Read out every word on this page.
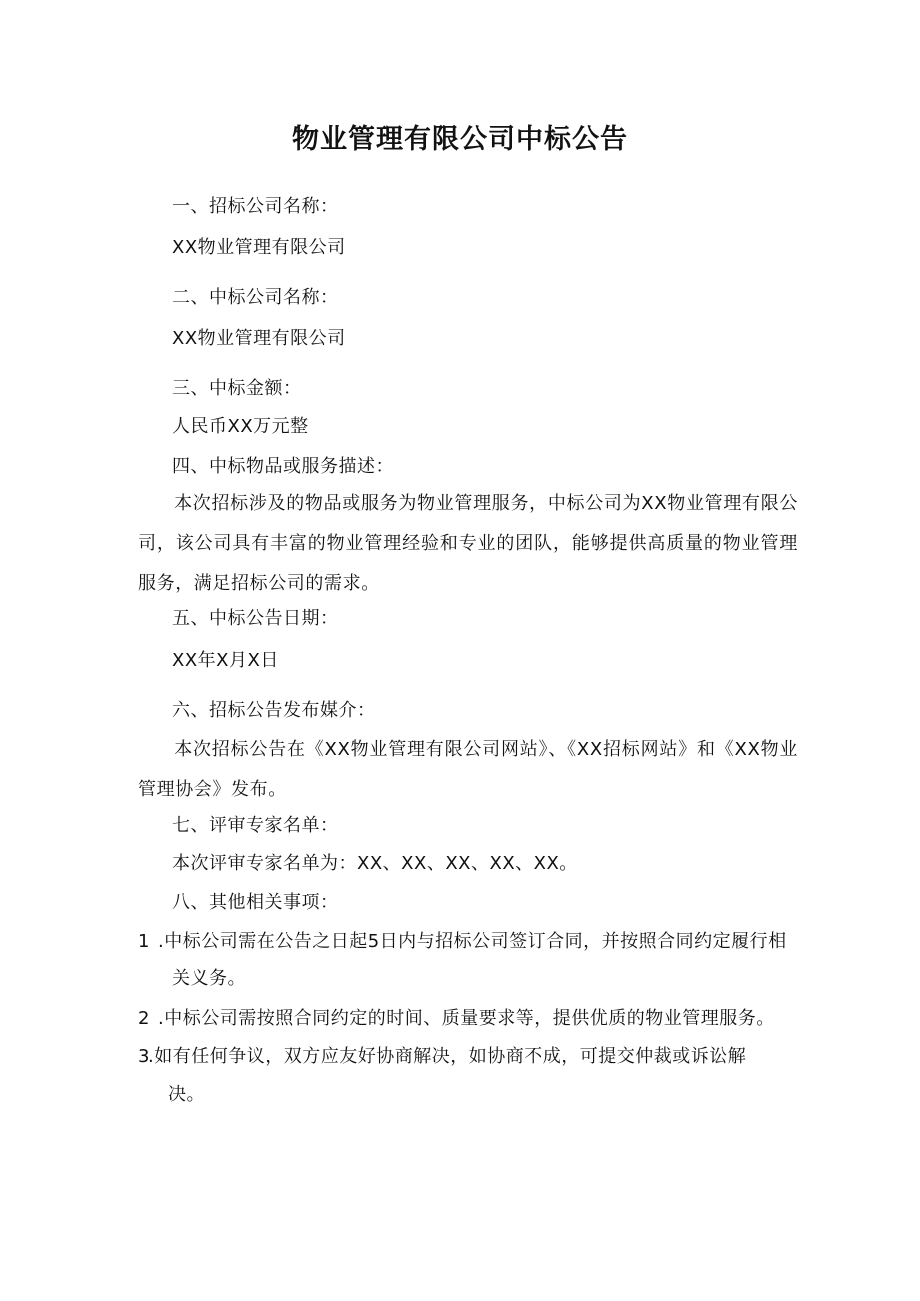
物业管理有限公司中标公告
一、招标公司名称：
XX物业管理有限公司
二、中标公司名称：
XX物业管理有限公司
三、中标金额：
人民币XX万元整
四、中标物品或服务描述：
本次招标涉及的物品或服务为物业管理服务，中标公司为XX物业管理有限公司，该公司具有丰富的物业管理经验和专业的团队，能够提供高质量的物业管理服务，满足招标公司的需求。
五、中标公告日期：
XX年X月X日
六、招标公告发布媒介：
本次招标公告在《XX物业管理有限公司网站》、《XX招标网站》和《XX物业管理协会》发布。
七、评审专家名单：
本次评审专家名单为：XX、XX、XX、XX、XX。
八、其他相关事项：
1 .中标公司需在公告之日起5日内与招标公司签订合同，并按照合同约定履行相
关义务。
2 .中标公司需按照合同约定的时间、质量要求等，提供优质的物业管理服务。
3
.如有任何争议，双方应友好协商解决，如协商不成，可提交仲裁或诉讼解
决。
